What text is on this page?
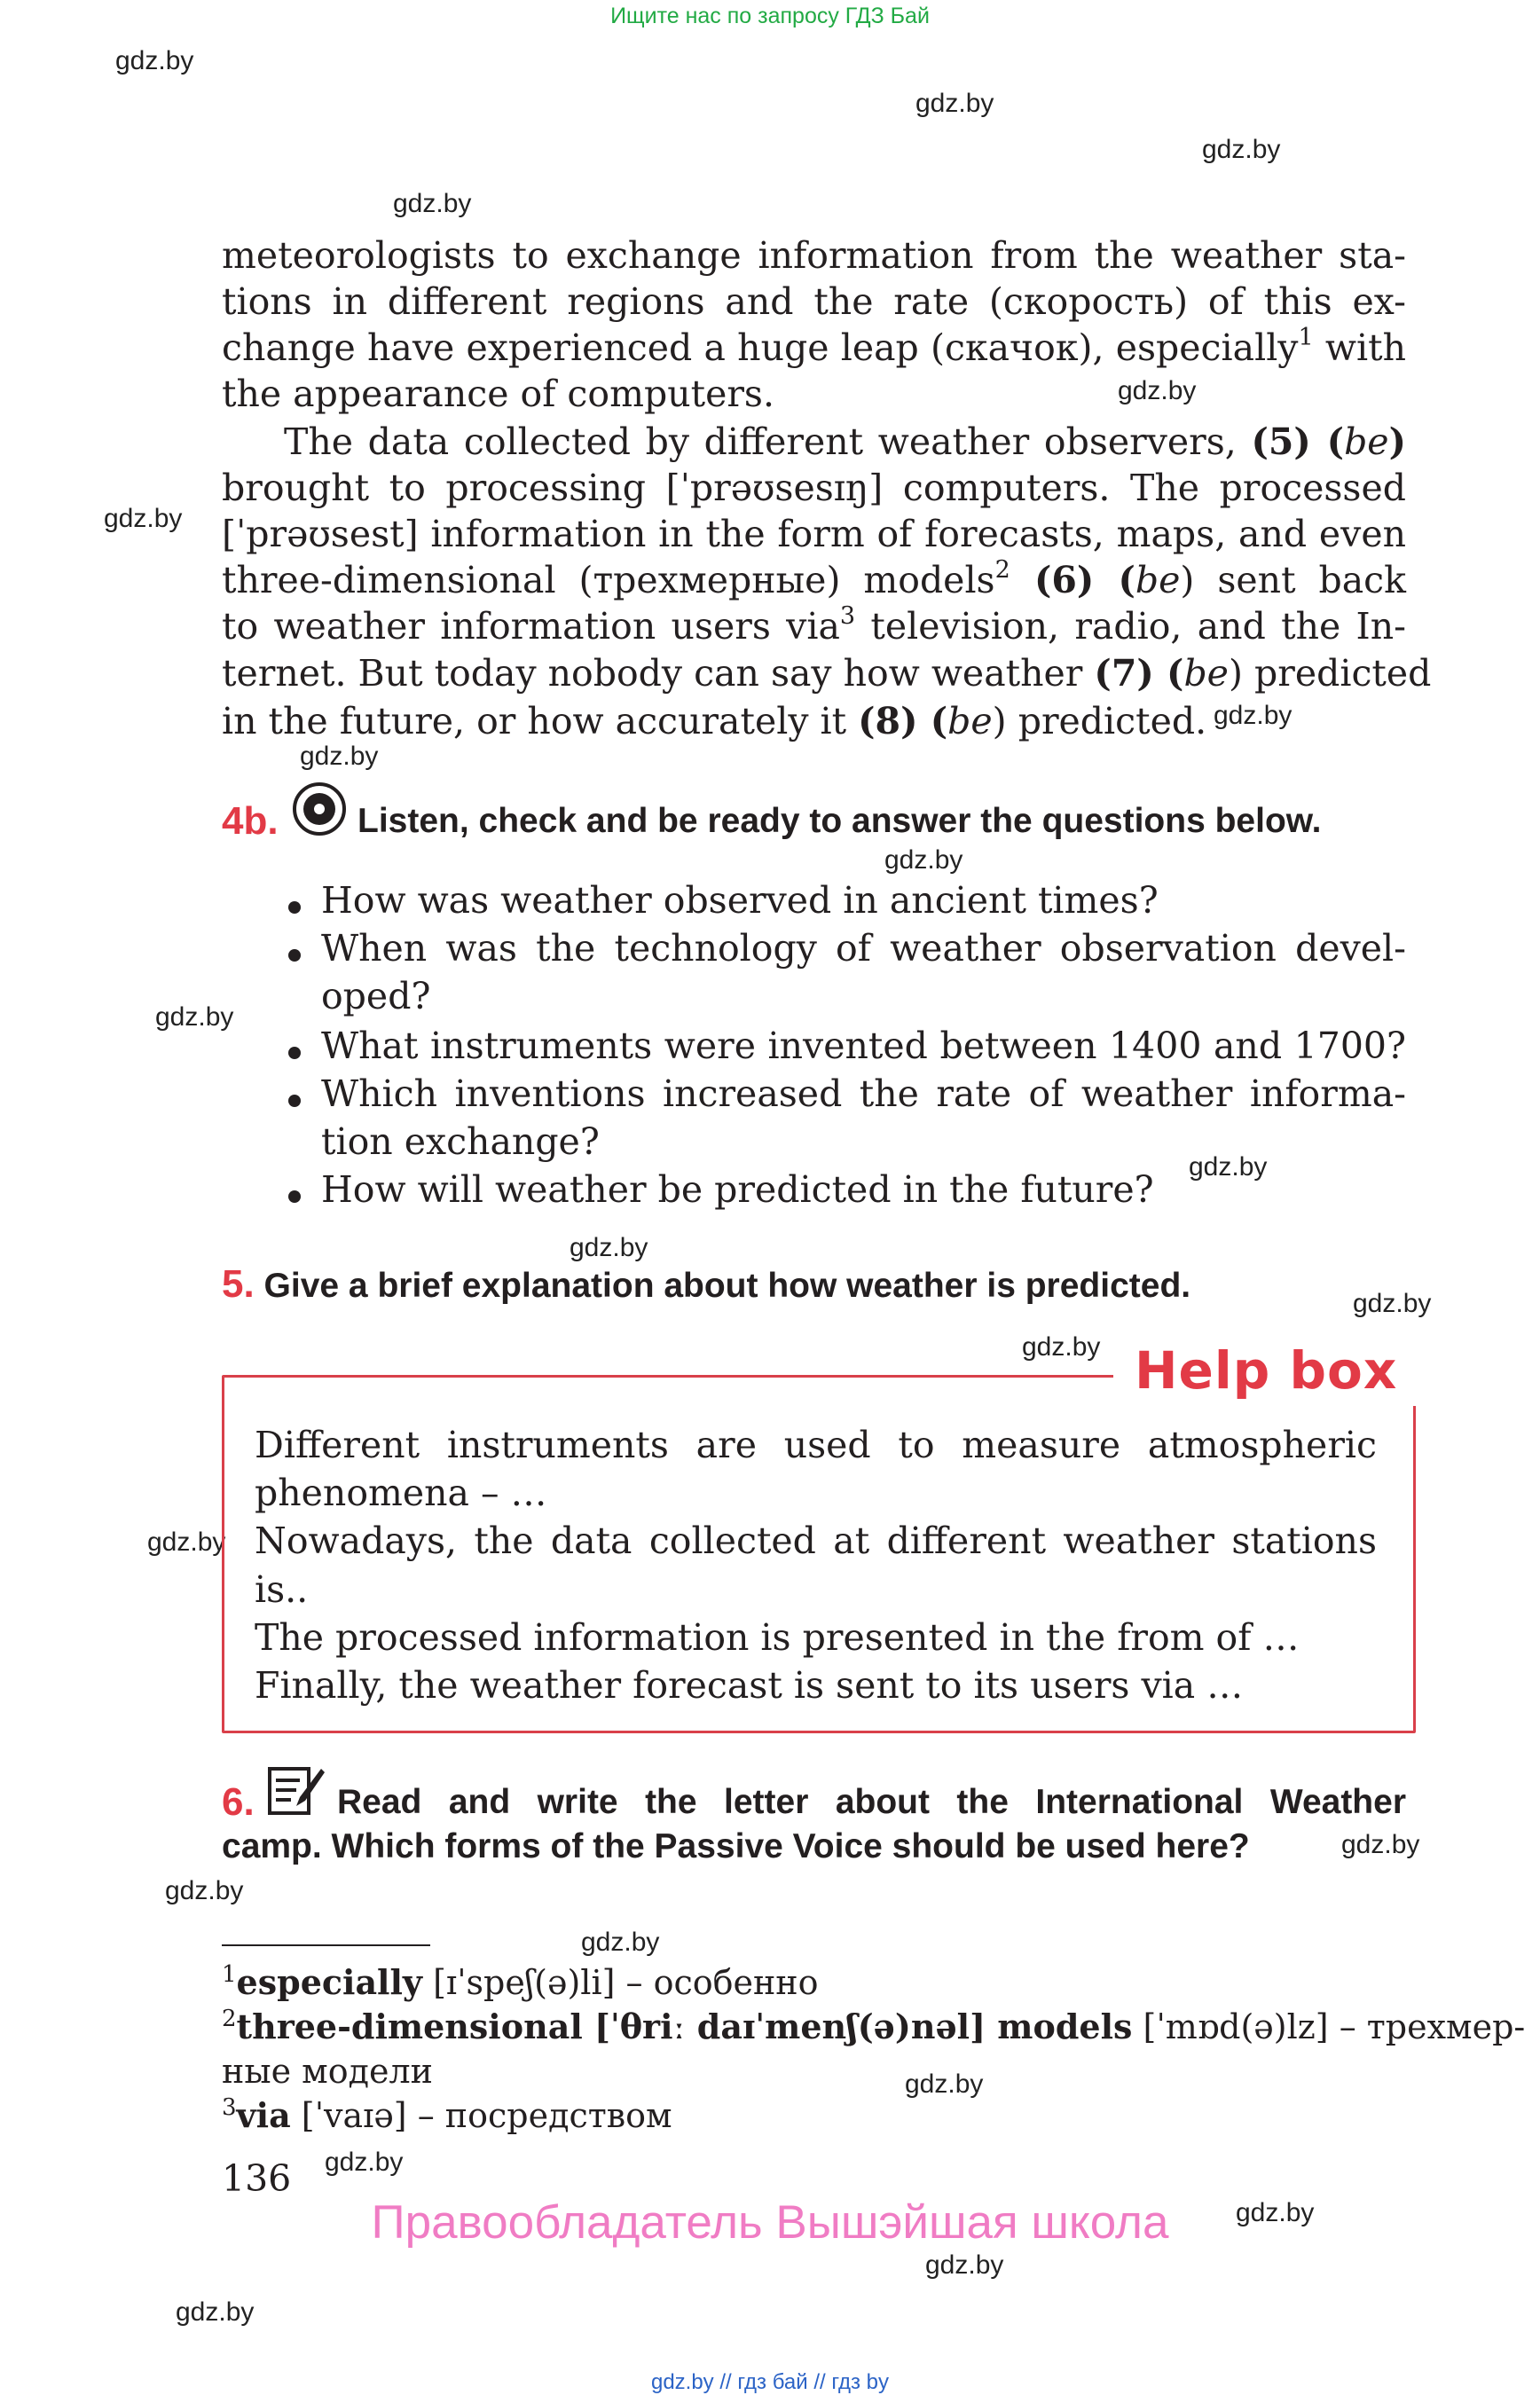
Ищите нас по запросу ГДЗ Бай
gdz.by
gdz.by
gdz.by
gdz.by
gdz.by
gdz.by
gdz.by
gdz.by
gdz.by
gdz.by
gdz.by
gdz.by
gdz.by
gdz.by
gdz.by
gdz.by
gdz.by
gdz.by
gdz.by
gdz.by
gdz.by
gdz.by
gdz.by
meteorologists to exchange information from the weather sta-
tions in different regions and the rate (скорость) of this ex-
change have experienced a huge leap (скачок), especially$^1$ with
the appearance of computers.
The data collected by different weather observers, (5) (be)
brought to processing [ˈprəʊsesɪŋ] computers. The processed
[ˈprəʊsest] information in the form of forecasts, maps, and even
three-dimensional (трехмерные) models$^2$ (6) (be) sent back
to weather information users via$^3$ television, radio, and the In-
ternet. But today nobody can say how weather (7) (be) predicted
in the future, or how accurately it (8) (be) predicted.
4b. Listen, check and be ready to answer the questions below.
How was weather observed in ancient times?
When was the technology of weather observation devel-
oped?
What instruments were invented between 1400 and 1700?
Which inventions increased the rate of weather informa-
tion exchange?
How will weather be predicted in the future?
5. Give a brief explanation about how weather is predicted.
Help box
Different instruments are used to measure atmospheric
phenomena – …
Nowadays, the data collected at different weather stations
is..
The processed information is presented in the from of …
Finally, the weather forecast is sent to its users via …
6. Read and write the letter about the International Weather
camp. Which forms of the Passive Voice should be used here?
$^1$especially [ɪˈspeʃ(ə)li] – особенно
$^2$three-dimensional [ˈθriː daɪˈmenʃ(ə)nəl] models [ˈmɒd(ə)lz] – трехмер-
ные модели
$^3$via [ˈvaɪə] – посредством
136
Правообладатель Вышэйшая школа
gdz.by // гдз бай // гдз by
